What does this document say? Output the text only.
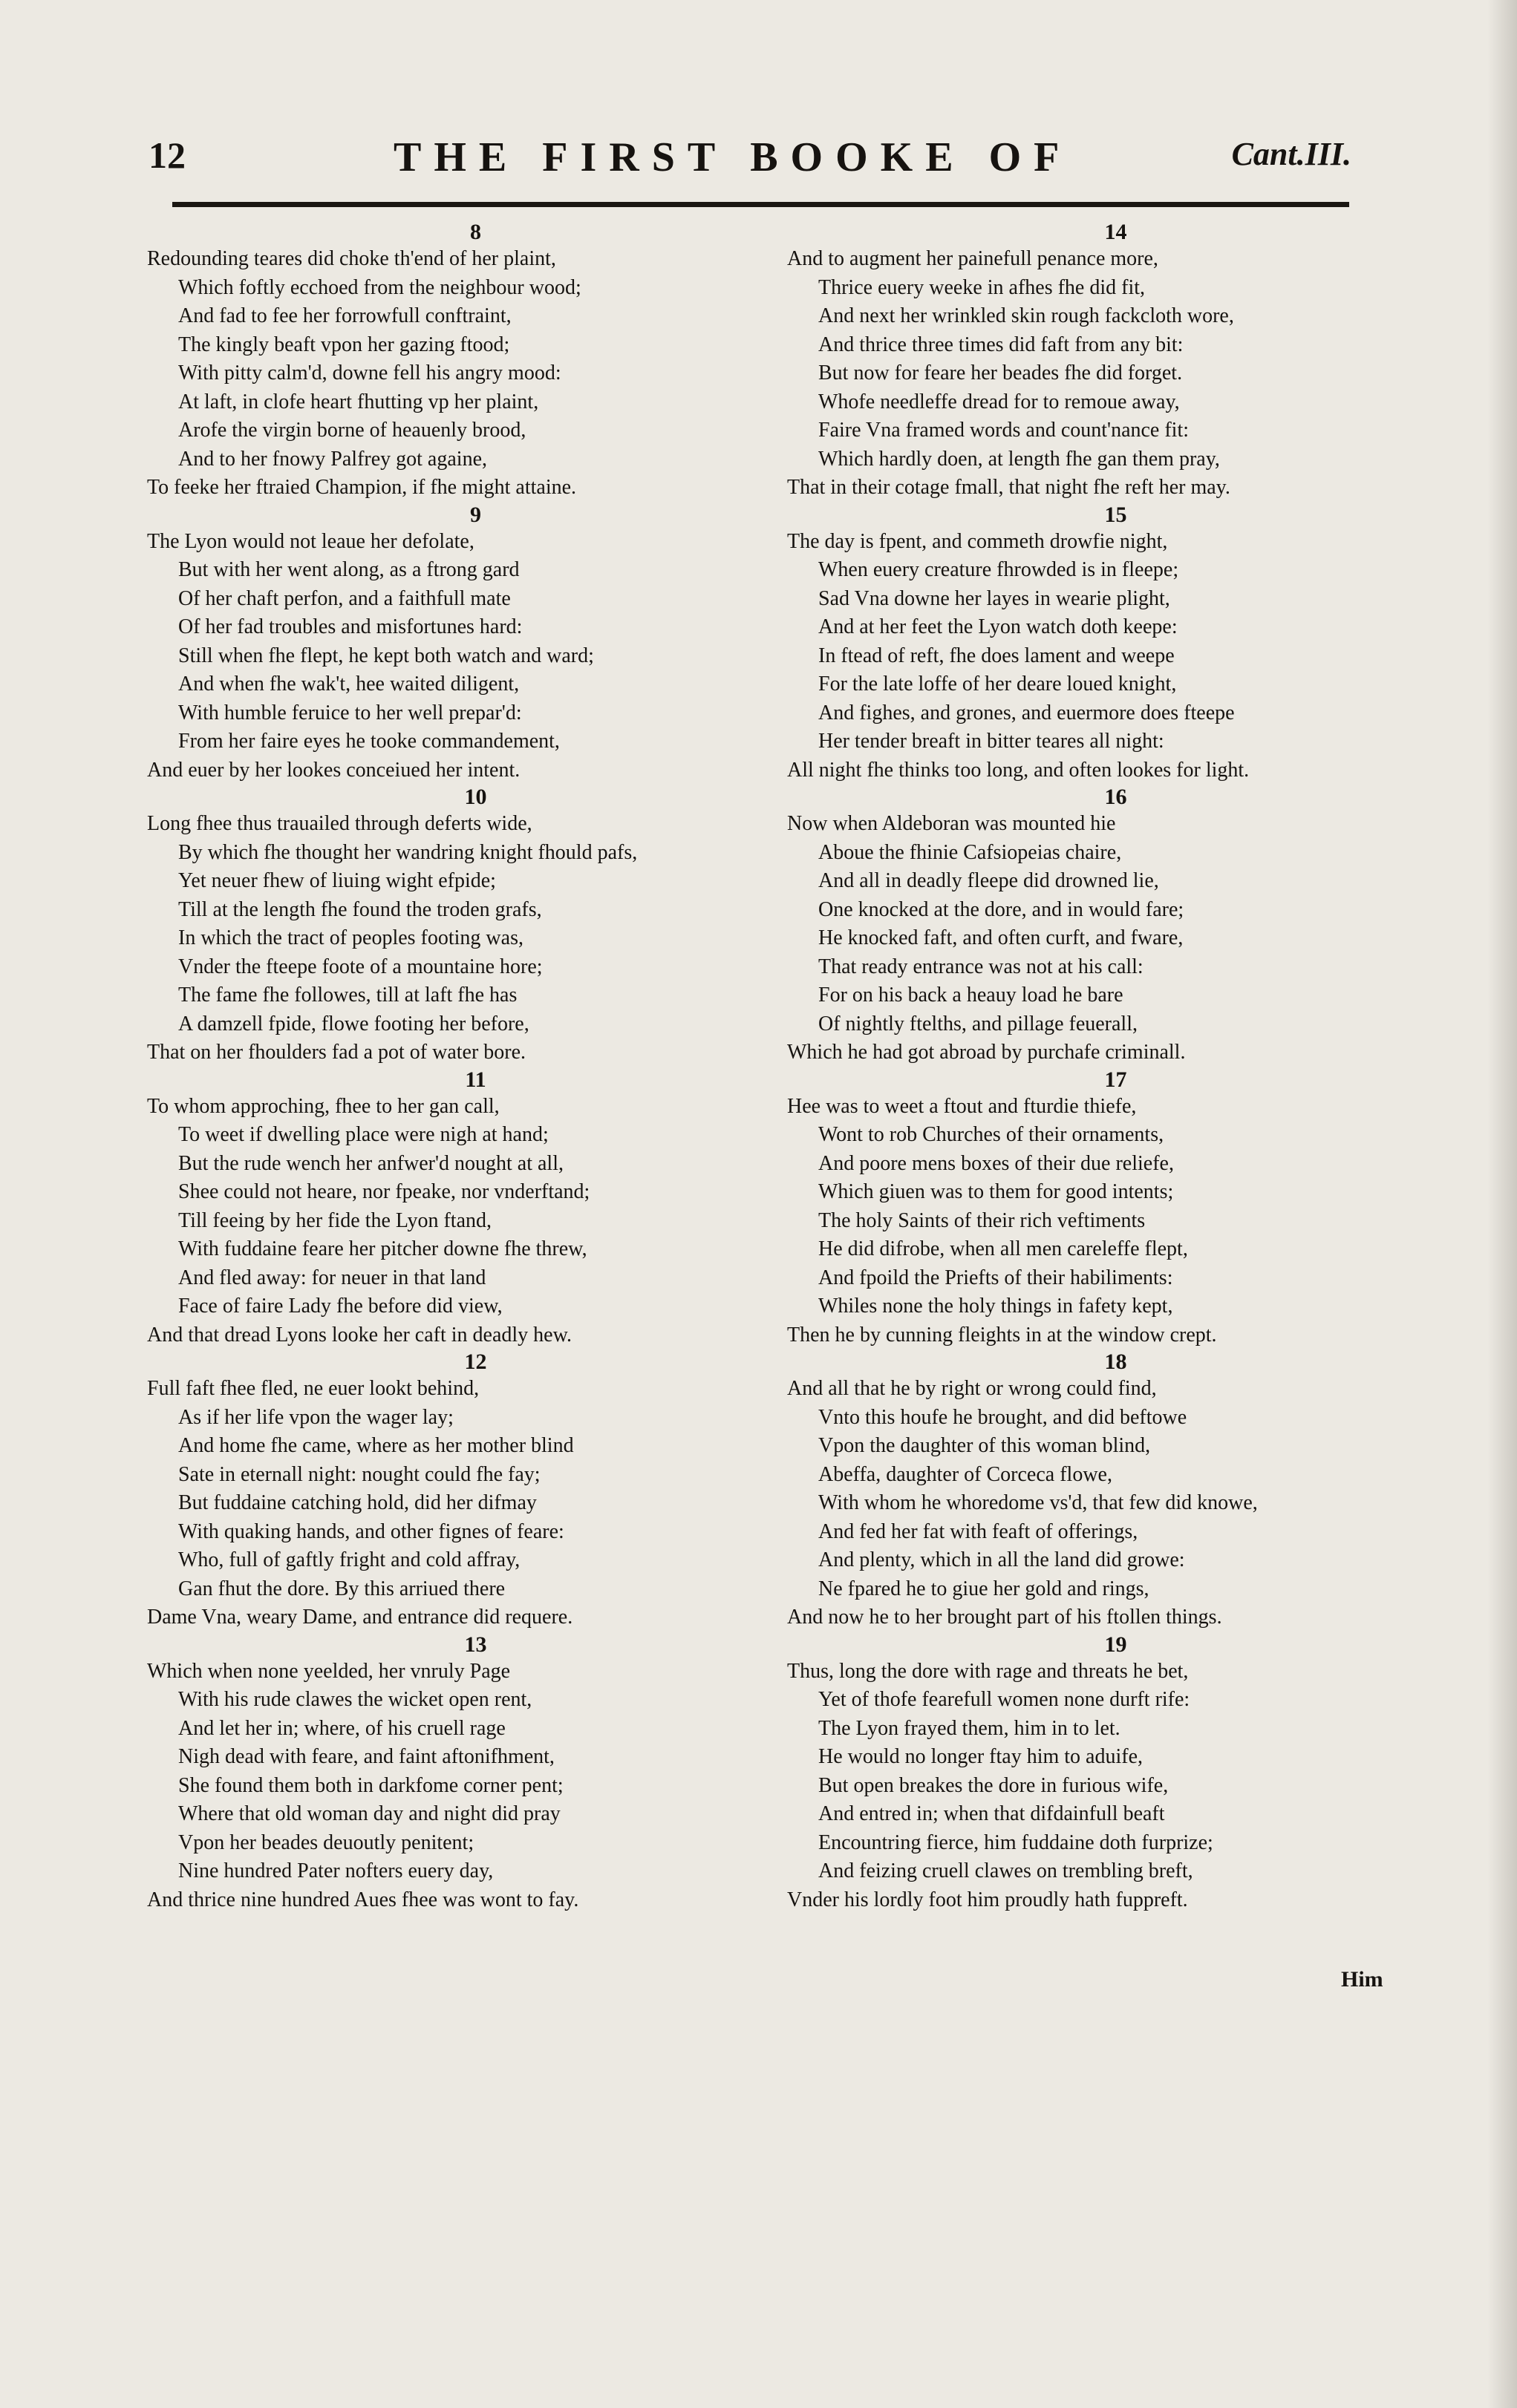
12	THE FIRST BOOKE OF	Cant.III.
8
Redounding teares did choke th'end of her plaint,
Which foftly ecchoed from the neighbour wood;
And fad to fee her forrowfull conftraint,
The kingly beaft vpon her gazing ftood;
With pitty calm'd, downe fell his angry mood:
At laft, in clofe heart fhutting vp her plaint,
Arofe the virgin borne of heauenly brood,
And to her fnowy Palfrey got againe,
To feeke her ftraied Champion, if fhe might attaine.
9
The Lyon would not leaue her defolate,
But with her went along, as a ftrong gard
Of her chaft perfon, and a faithfull mate
Of her fad troubles and misfortunes hard:
Still when fhe flept, he kept both watch and ward;
And when fhe wak't, hee waited diligent,
With humble feruice to her well prepar'd:
From her faire eyes he tooke commandement,
And euer by her lookes conceiued her intent.
10
Long fhee thus trauailed through deferts wide,
By which fhe thought her wandring knight fhould pafs,
Yet neuer fhew of liuing wight efpide;
Till at the length fhe found the troden grafs,
In which the tract of peoples footing was,
Vnder the fteepe foote of a mountaine hore;
The fame fhe followes, till at laft fhe has
A damzell fpide, flowe footing her before,
That on her fhoulders fad a pot of water bore.
11
To whom approching, fhee to her gan call,
To weet if dwelling place were nigh at hand;
But the rude wench her anfwer'd nought at all,
Shee could not heare, nor fpeake, nor vnderftand;
Till feeing by her fide the Lyon ftand,
With fuddaine feare her pitcher downe fhe threw,
And fled away: for neuer in that land
Face of faire Lady fhe before did view,
And that dread Lyons looke her caft in deadly hew.
12
Full faft fhee fled, ne euer lookt behind,
As if her life vpon the wager lay;
And home fhe came, where as her mother blind
Sate in eternall night: nought could fhe fay;
But fuddaine catching hold, did her difmay
With quaking hands, and other fignes of feare:
Who, full of gaftly fright and cold affray,
Gan fhut the dore. By this arriued there
Dame Vna, weary Dame, and entrance did requere.
13
Which when none yeelded, her vnruly Page
With his rude clawes the wicket open rent,
And let her in; where, of his cruell rage
Nigh dead with feare, and faint aftonifhment,
She found them both in darkfome corner pent;
Where that old woman day and night did pray
Vpon her beades deuoutly penitent;
Nine hundred Pater nofters euery day,
And thrice nine hundred Aues fhee was wont to fay.
14
And to augment her painefull penance more,
Thrice euery weeke in afhes fhe did fit,
And next her wrinkled skin rough fackcloth wore,
And thrice three times did faft from any bit:
But now for feare her beades fhe did forget.
Whofe needleffe dread for to remoue away,
Faire Vna framed words and count'nance fit:
Which hardly doen, at length fhe gan them pray,
That in their cotage fmall, that night fhe reft her may.
15
The day is fpent, and commeth drowfie night,
When euery creature fhrowded is in fleepe;
Sad Vna downe her layes in wearie plight,
And at her feet the Lyon watch doth keepe:
In ftead of reft, fhe does lament and weepe
For the late loffe of her deare loued knight,
And fighes, and grones, and euermore does fteepe
Her tender breaft in bitter teares all night:
All night fhe thinks too long, and often lookes for light.
16
Now when Aldeboran was mounted hie
Aboue the fhinie Cafsiopeias chaire,
And all in deadly fleepe did drowned lie,
One knocked at the dore, and in would fare;
He knocked faft, and often curft, and fware,
That ready entrance was not at his call:
For on his back a heauy load he bare
Of nightly ftelths, and pillage feuerall,
Which he had got abroad by purchafe criminall.
17
Hee was to weet a ftout and fturdie thiefe,
Wont to rob Churches of their ornaments,
And poore mens boxes of their due reliefe,
Which giuen was to them for good intents;
The holy Saints of their rich veftiments
He did difrobe, when all men careleffe flept,
And fpoild the Priefts of their habiliments:
Whiles none the holy things in fafety kept,
Then he by cunning fleights in at the window crept.
18
And all that he by right or wrong could find,
Vnto this houfe he brought, and did beftowe
Vpon the daughter of this woman blind,
Abeffa, daughter of Corceca flowe,
With whom he whoredome vs'd, that few did knowe,
And fed her fat with feaft of offerings,
And plenty, which in all the land did growe:
Ne fpared he to giue her gold and rings,
And now he to her brought part of his ftollen things.
19
Thus, long the dore with rage and threats he bet,
Yet of thofe fearefull women none durft rife:
The Lyon frayed them, him in to let.
He would no longer ftay him to aduife,
But open breakes the dore in furious wife,
And entred in; when that difdainfull beaft
Encountring fierce, him fuddaine doth furprize;
And feizing cruell clawes on trembling breft,
Vnder his lordly foot him proudly hath fuppreft.
Him
